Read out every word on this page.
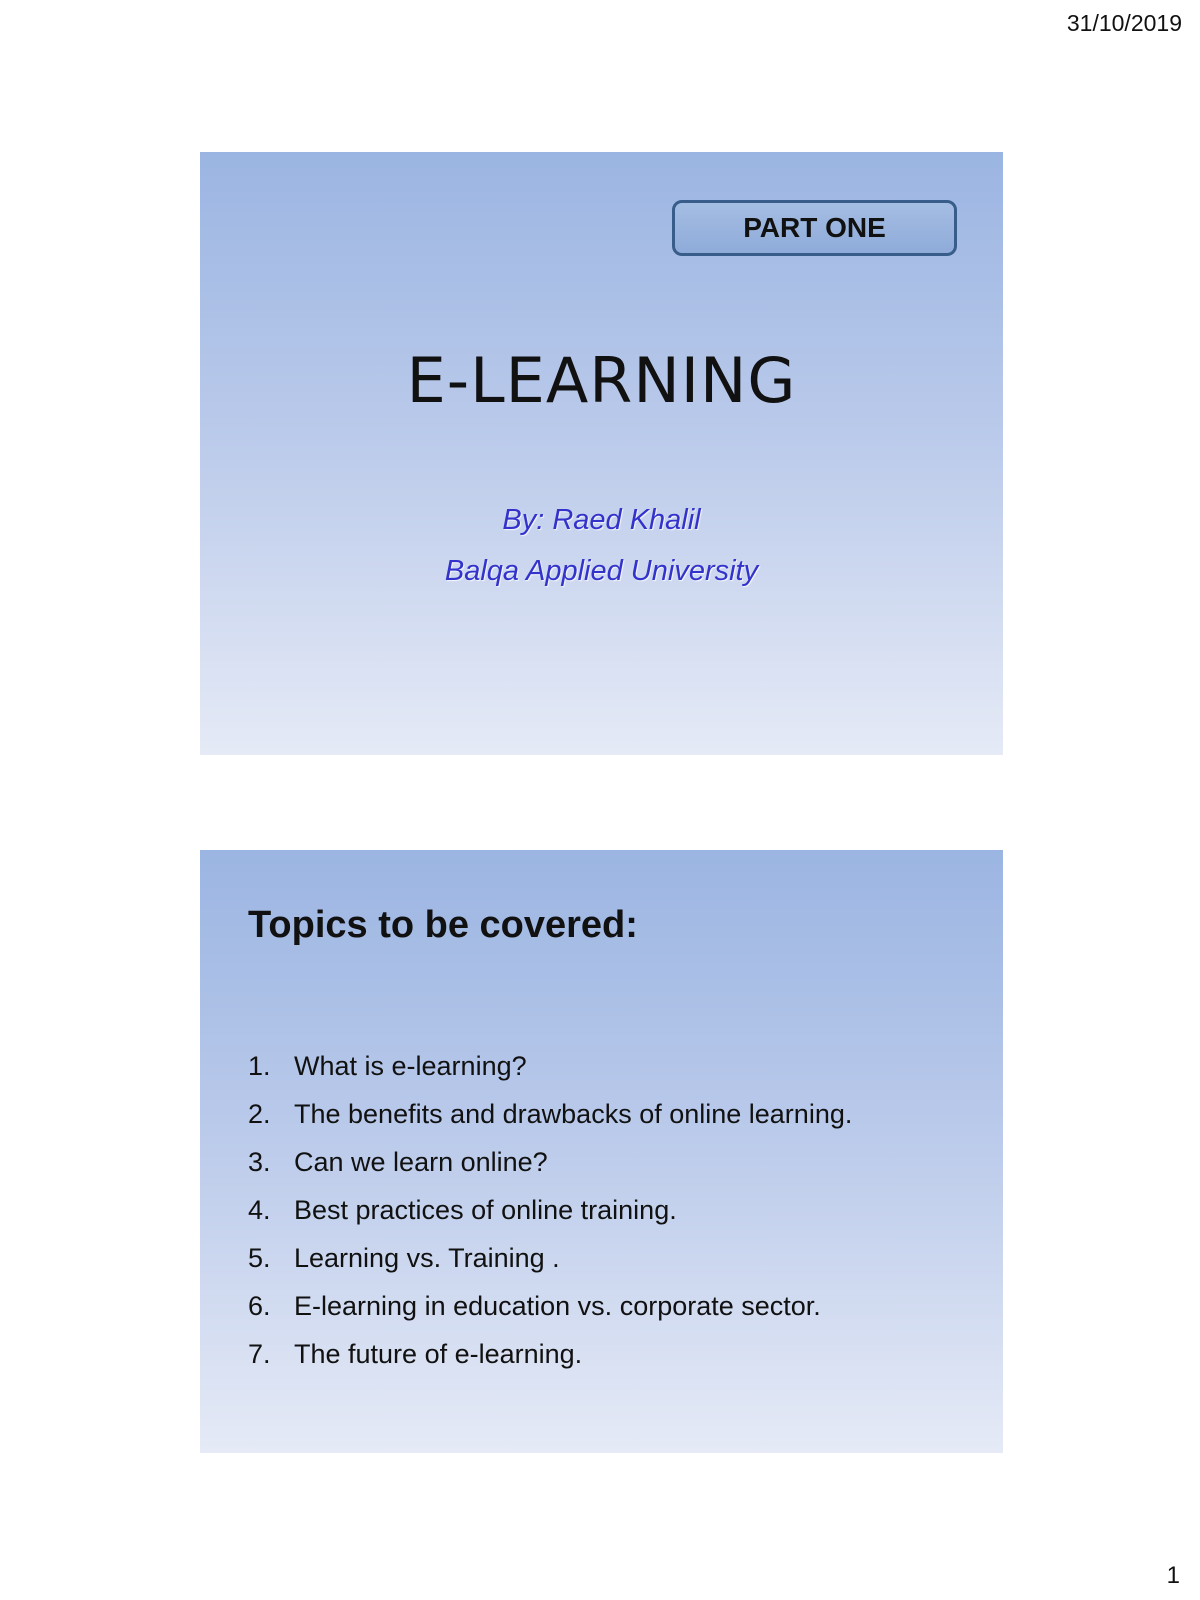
31/10/2019
PART ONE
E-LEARNING
By: Raed Khalil
Balqa Applied University
Topics to be covered:
1. What is e-learning?
2. The benefits and drawbacks of online learning.
3. Can we learn online?
4. Best practices of online training.
5. Learning vs. Training .
6. E-learning in education vs. corporate sector.
7. The future of e-learning.
1
